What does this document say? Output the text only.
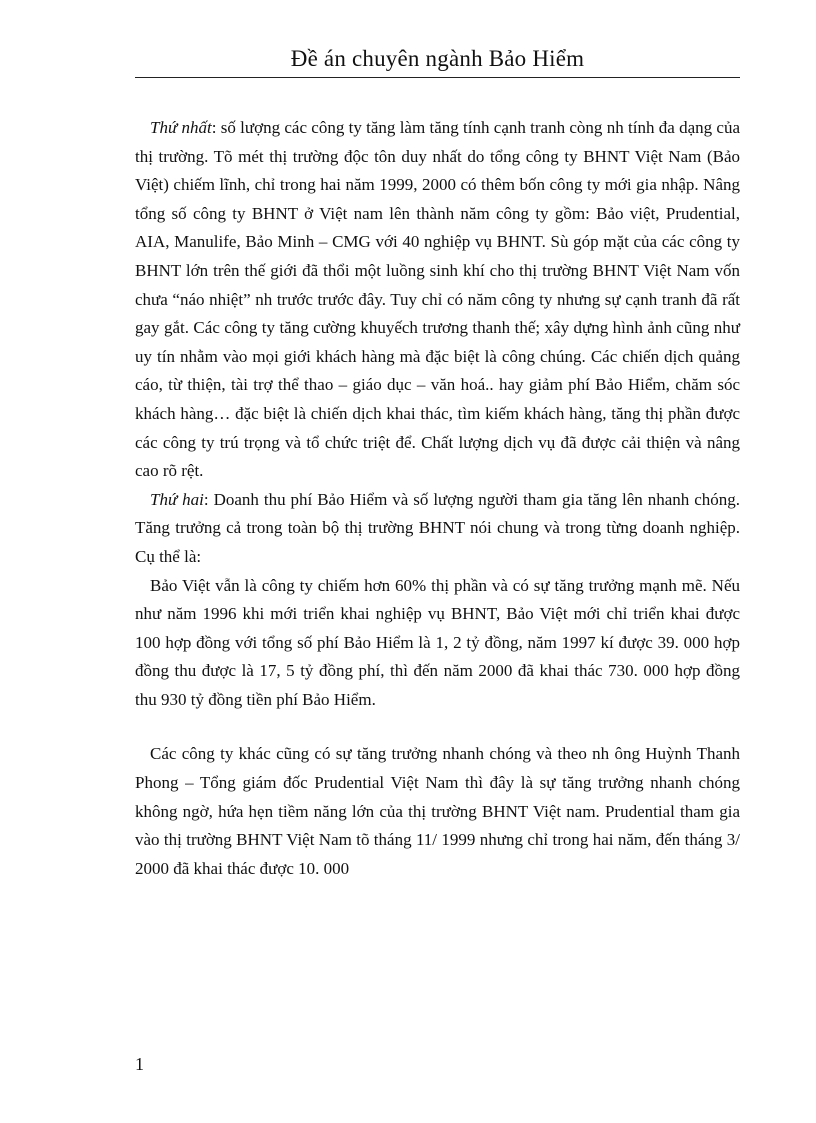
Đề án chuyên ngành Bảo Hiểm

Thứ nhất: số lượng các công ty tăng làm tăng tính cạnh tranh còng nh tính đa dạng của thị trường. Tõ mét thị trường độc tôn duy nhất do tổng công ty BHNT Việt Nam (Bảo Việt) chiếm lĩnh, chỉ trong hai năm 1999, 2000 có thêm bốn công ty mới gia nhập. Nâng tổng số công ty BHNT ở Việt nam lên thành năm công ty gồm: Bảo việt, Prudential, AIA, Manulife, Bảo Minh – CMG với 40 nghiệp vụ BHNT. Sù góp mặt của các công ty BHNT lớn trên thế giới đã thổi một luồng sinh khí cho thị trường BHNT Việt Nam vốn chưa “náo nhiệt” nh trước trước đây. Tuy chỉ có năm công ty nhưng sự cạnh tranh đã rất gay gắt. Các công ty tăng cường khuyếch trương thanh thế; xây dựng hình ảnh cũng như uy tín nhằm vào mọi giới khách hàng mà đặc biệt là công chúng. Các chiến dịch quảng cáo, từ thiện, tài trợ thể thao – giáo dục – văn hoá.. hay giảm phí Bảo Hiểm, chăm sóc khách hàng… đặc biệt là chiến dịch khai thác, tìm kiếm khách hàng, tăng thị phần được các công ty trú trọng và tổ chức triệt để. Chất lượng dịch vụ đã được cải thiện và nâng cao rõ rệt.

Thứ hai: Doanh thu phí Bảo Hiểm và số lượng người tham gia tăng lên nhanh chóng. Tăng trưởng cả trong toàn bộ thị trường BHNT nói chung và trong từng doanh nghiệp. Cụ thể là:

Bảo Việt vẫn là công ty chiếm hơn 60% thị phần và có sự tăng trưởng mạnh mẽ. Nếu như năm 1996 khi mới triển khai nghiệp vụ BHNT, Bảo Việt mới chỉ triển khai được 100 hợp đồng với tổng số phí Bảo Hiểm là 1, 2 tỷ đồng, năm 1997 kí được 39. 000 hợp đồng thu được là 17, 5 tỷ đồng phí, thì đến năm 2000 đã khai thác 730. 000 hợp đồng thu 930 tỷ đồng tiền phí Bảo Hiểm.

Các công ty khác cũng có sự tăng trưởng nhanh chóng và theo nh ông Huỳnh Thanh Phong – Tổng giám đốc Prudential Việt Nam thì đây là sự tăng trưởng nhanh chóng không ngờ, hứa hẹn tiềm năng lớn của thị trường BHNT Việt nam. Prudential tham gia vào thị trường BHNT Việt Nam tõ tháng 11/ 1999 nhưng chỉ trong hai năm, đến tháng 3/ 2000 đã khai thác được 10. 000

1
